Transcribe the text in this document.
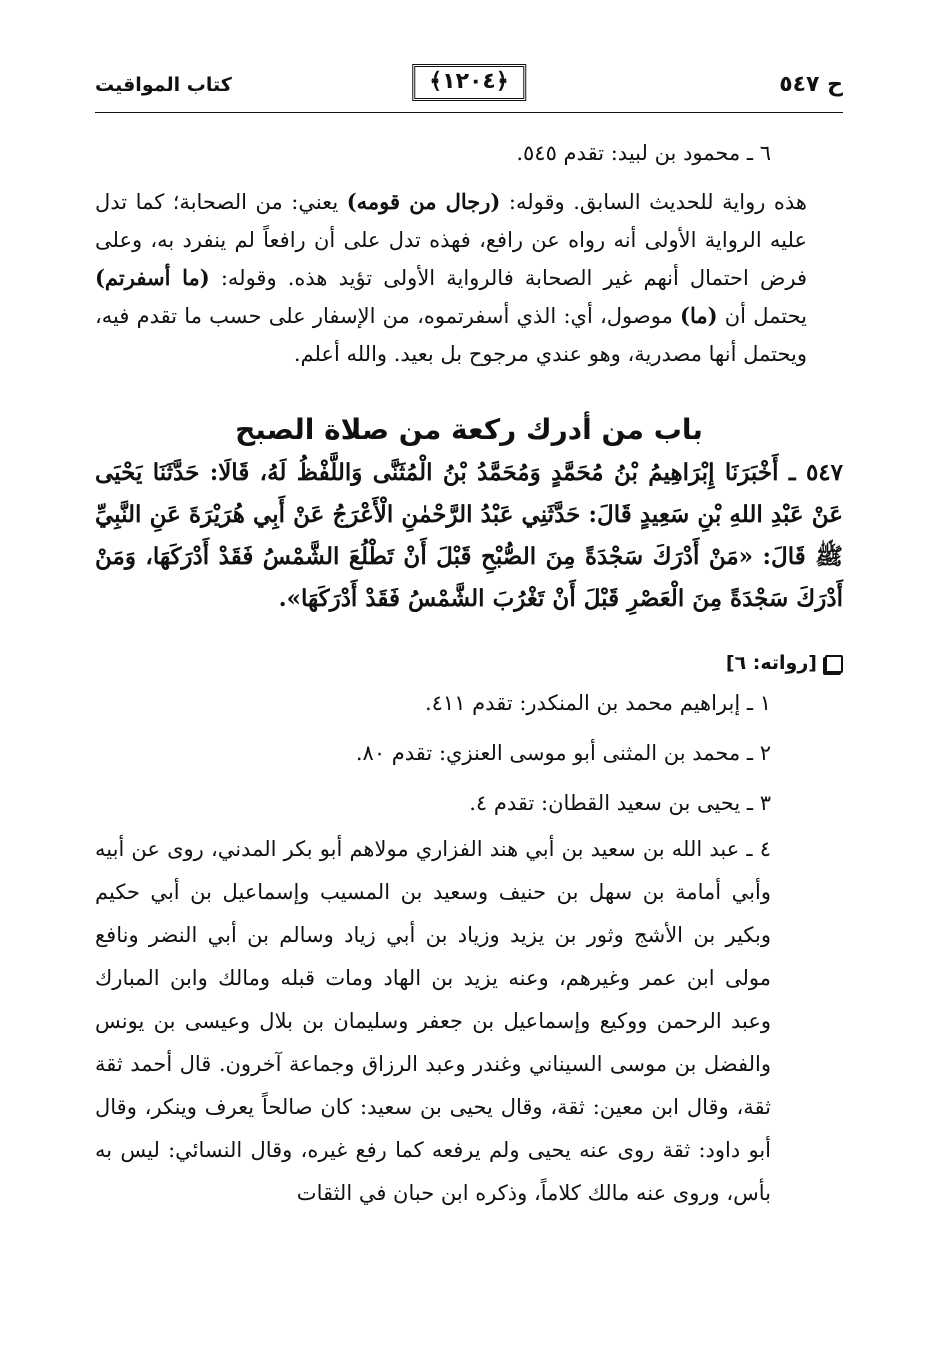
ح ٥٤٧
﴿١٢٠٤﴾
كتاب المواقيت

٦ ـ محمود بن لبيد: تقدم ٥٤٥.

هذه رواية للحديث السابق. وقوله: (رجال من قومه) يعني: من الصحابة؛ كما تدل عليه الرواية الأولى أنه رواه عن رافع، فهذه تدل على أن رافعاً لم ينفرد به، وعلى فرض احتمال أنهم غير الصحابة فالرواية الأولى تؤيد هذه. وقوله: (ما أسفرتم) يحتمل أن (ما) موصول، أي: الذي أسفرتموه، من الإسفار على حسب ما تقدم فيه، ويحتمل أنها مصدرية، وهو عندي مرجوح بل بعيد. والله أعلم.

باب من أدرك ركعة من صلاة الصبح

٥٤٧ ـ أَخْبَرَنَا إِبْرَاهِيمُ بْنُ مُحَمَّدٍ وَمُحَمَّدُ بْنُ الْمُثَنَّى وَاللَّفْظُ لَهُ، قَالَا: حَدَّثَنَا يَحْيَى عَنْ عَبْدِ اللهِ بْنِ سَعِيدٍ قَالَ: حَدَّثَنِي عَبْدُ الرَّحْمٰنِ الْأَعْرَجُ عَنْ أَبِي هُرَيْرَةَ عَنِ النَّبِيِّ ﷺ قَالَ: «مَنْ أَدْرَكَ سَجْدَةً مِنَ الصُّبْحِ قَبْلَ أَنْ تَطْلُعَ الشَّمْسُ فَقَدْ أَدْرَكَهَا، وَمَنْ أَدْرَكَ سَجْدَةً مِنَ الْعَصْرِ قَبْلَ أَنْ تَغْرُبَ الشَّمْسُ فَقَدْ أَدْرَكَهَا».

[رواته: ٦]

١ ـ إبراهيم محمد بن المنكدر: تقدم ٤١١.

٢ ـ محمد بن المثنى أبو موسى العنزي: تقدم ٨٠.

٣ ـ يحيى بن سعيد القطان: تقدم ٤.

٤ ـ عبد الله بن سعيد بن أبي هند الفزاري مولاهم أبو بكر المدني، روى عن أبيه وأبي أمامة بن سهل بن حنيف وسعيد بن المسيب وإسماعيل بن أبي حكيم وبكير بن الأشج وثور بن يزيد وزياد بن أبي زياد وسالم بن أبي النضر ونافع مولى ابن عمر وغيرهم، وعنه يزيد بن الهاد ومات قبله ومالك وابن المبارك وعبد الرحمن ووكيع وإسماعيل بن جعفر وسليمان بن بلال وعيسى بن يونس والفضل بن موسى السيناني وغندر وعبد الرزاق وجماعة آخرون. قال أحمد ثقة ثقة، وقال ابن معين: ثقة، وقال يحيى بن سعيد: كان صالحاً يعرف وينكر، وقال أبو داود: ثقة روى عنه يحيى ولم يرفعه كما رفع غيره، وقال النسائي: ليس به بأس، وروى عنه مالك كلاماً، وذكره ابن حبان في الثقات
